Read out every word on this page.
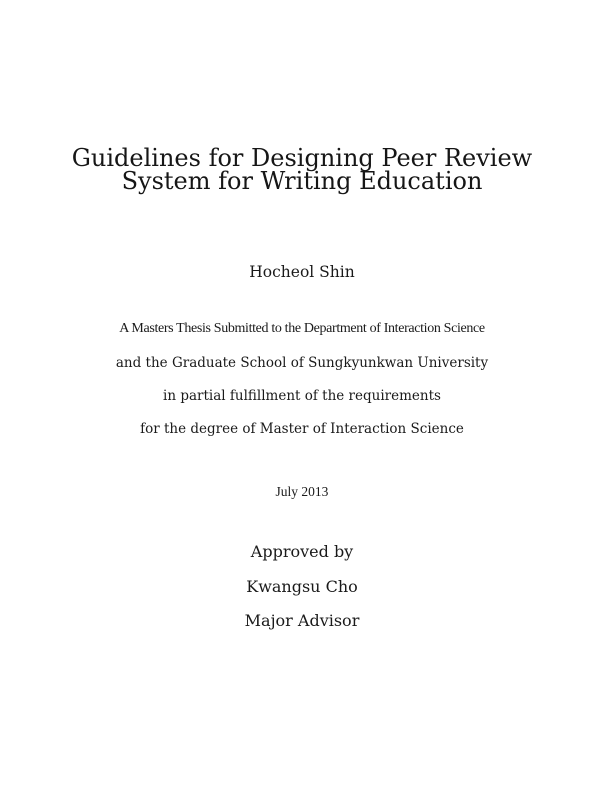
Guidelines for Designing Peer Review
System for Writing Education
Hocheol Shin
A Masters Thesis Submitted to the Department of Interaction Science
and the Graduate School of Sungkyunkwan University
in partial fulfillment of the requirements
for the degree of Master of Interaction Science
July 2013
Approved by
Kwangsu Cho
Major Advisor
